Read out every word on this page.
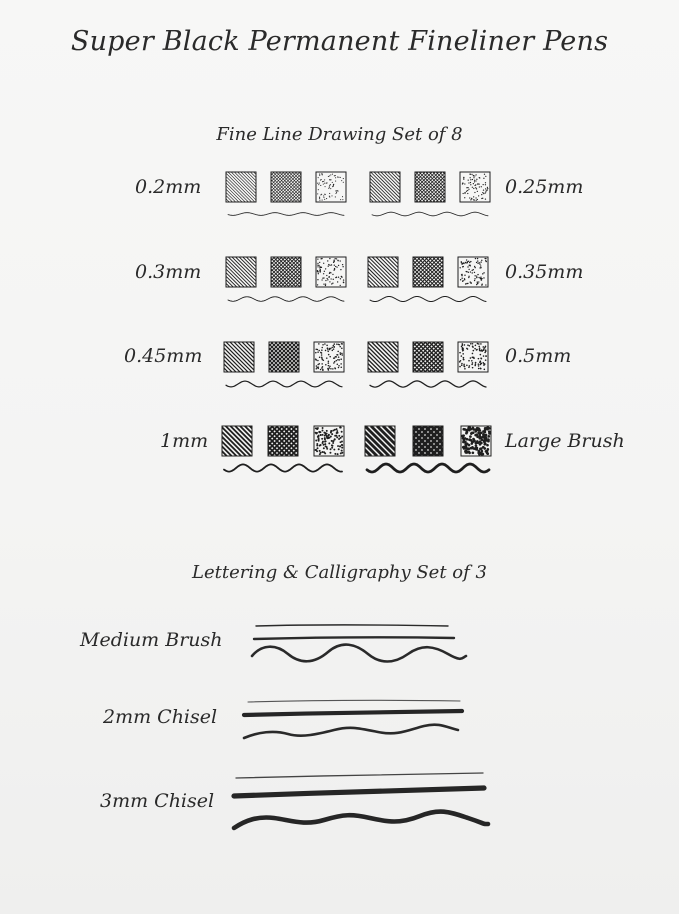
Super Black Permanent Fineliner Pens
Fine Line Drawing Set of 8
0.2mm	0.25mm
0.3mm	0.35mm
0.45mm	0.5mm
1mm	Large Brush
Lettering & Calligraphy Set of 3
Medium Brush
2mm Chisel
3mm Chisel
